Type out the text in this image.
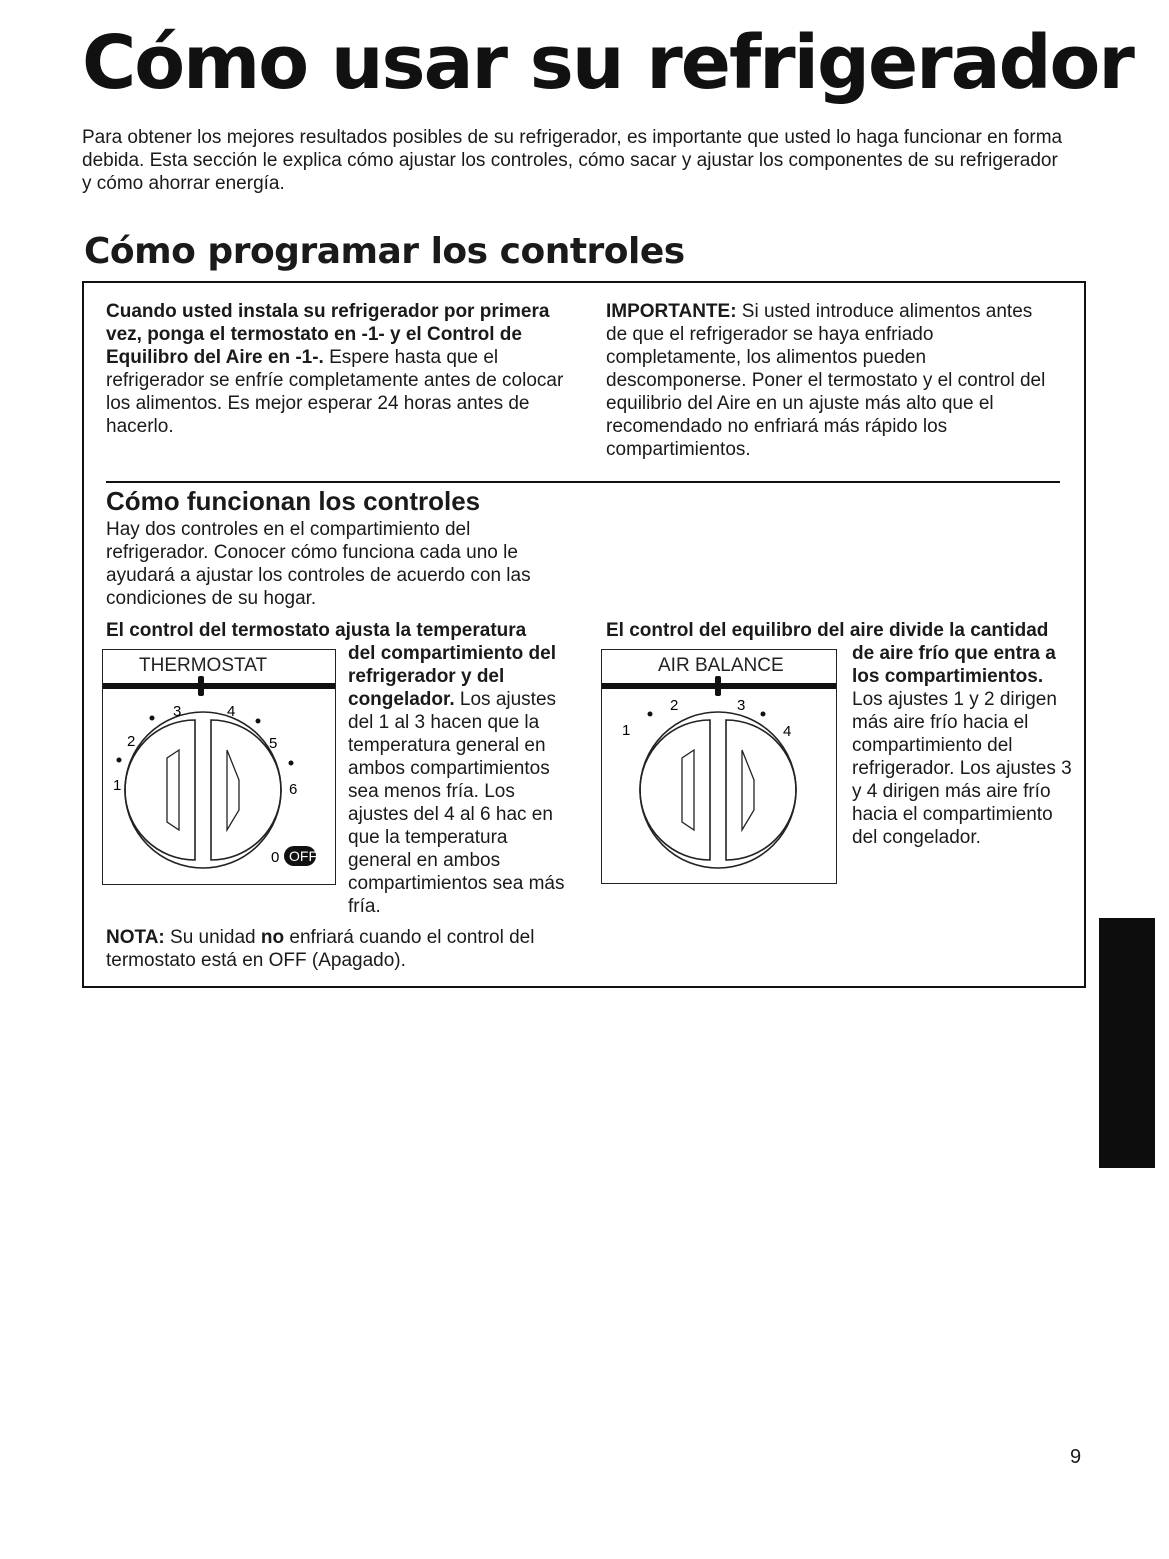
Cómo usar su refrigerador

Para obtener los mejores resultados posibles de su refrigerador, es importante que usted lo haga funcionar en forma debida. Esta sección le explica cómo ajustar los controles, cómo sacar y ajustar los componentes de su refrigerador y cómo ahorrar energía.

Cómo programar los controles

Cuando usted instala su refrigerador por primera vez, ponga el termostato en -1- y el Control de Equilibro del Aire en -1-. Espere hasta que el refrigerador se enfríe completamente antes de colocar los alimentos. Es mejor esperar 24 horas antes de hacerlo.

IMPORTANTE: Si usted introduce alimentos antes de que el refrigerador se haya enfriado completamente, los alimentos pueden descomponerse. Poner el termostato y el control del equilibrio del Aire en un ajuste más alto que el recomendado no enfriará más rápido los compartimientos.

Cómo funcionan los controles

Hay dos controles en el compartimiento del refrigerador. Conocer cómo funciona cada uno le ayudará a ajustar los controles de acuerdo con las condiciones de su hogar.

El control del termostato ajusta la temperatura

THERMOSTAT
1
2
3	4
5
6
0 OFF

del compartimiento del refrigerador y del congelador. Los ajustes del 1 al 3 hacen que la temperatura general en ambos compartimientos sea menos fría. Los ajustes del 4 al 6 hac en que la temperatura general en ambos compartimientos sea más fría.

NOTA: Su unidad no enfriará cuando el control del termostato está en OFF (Apagado).

El control del equilibro del aire divide la cantidad

AIR BALANCE
1
2	3
4

de aire frío que entra a los compartimientos. Los ajustes 1 y 2 dirigen más aire frío hacia el compartimiento del refrigerador. Los ajustes 3 y 4 dirigen más aire frío hacia el compartimiento del congelador.

9
